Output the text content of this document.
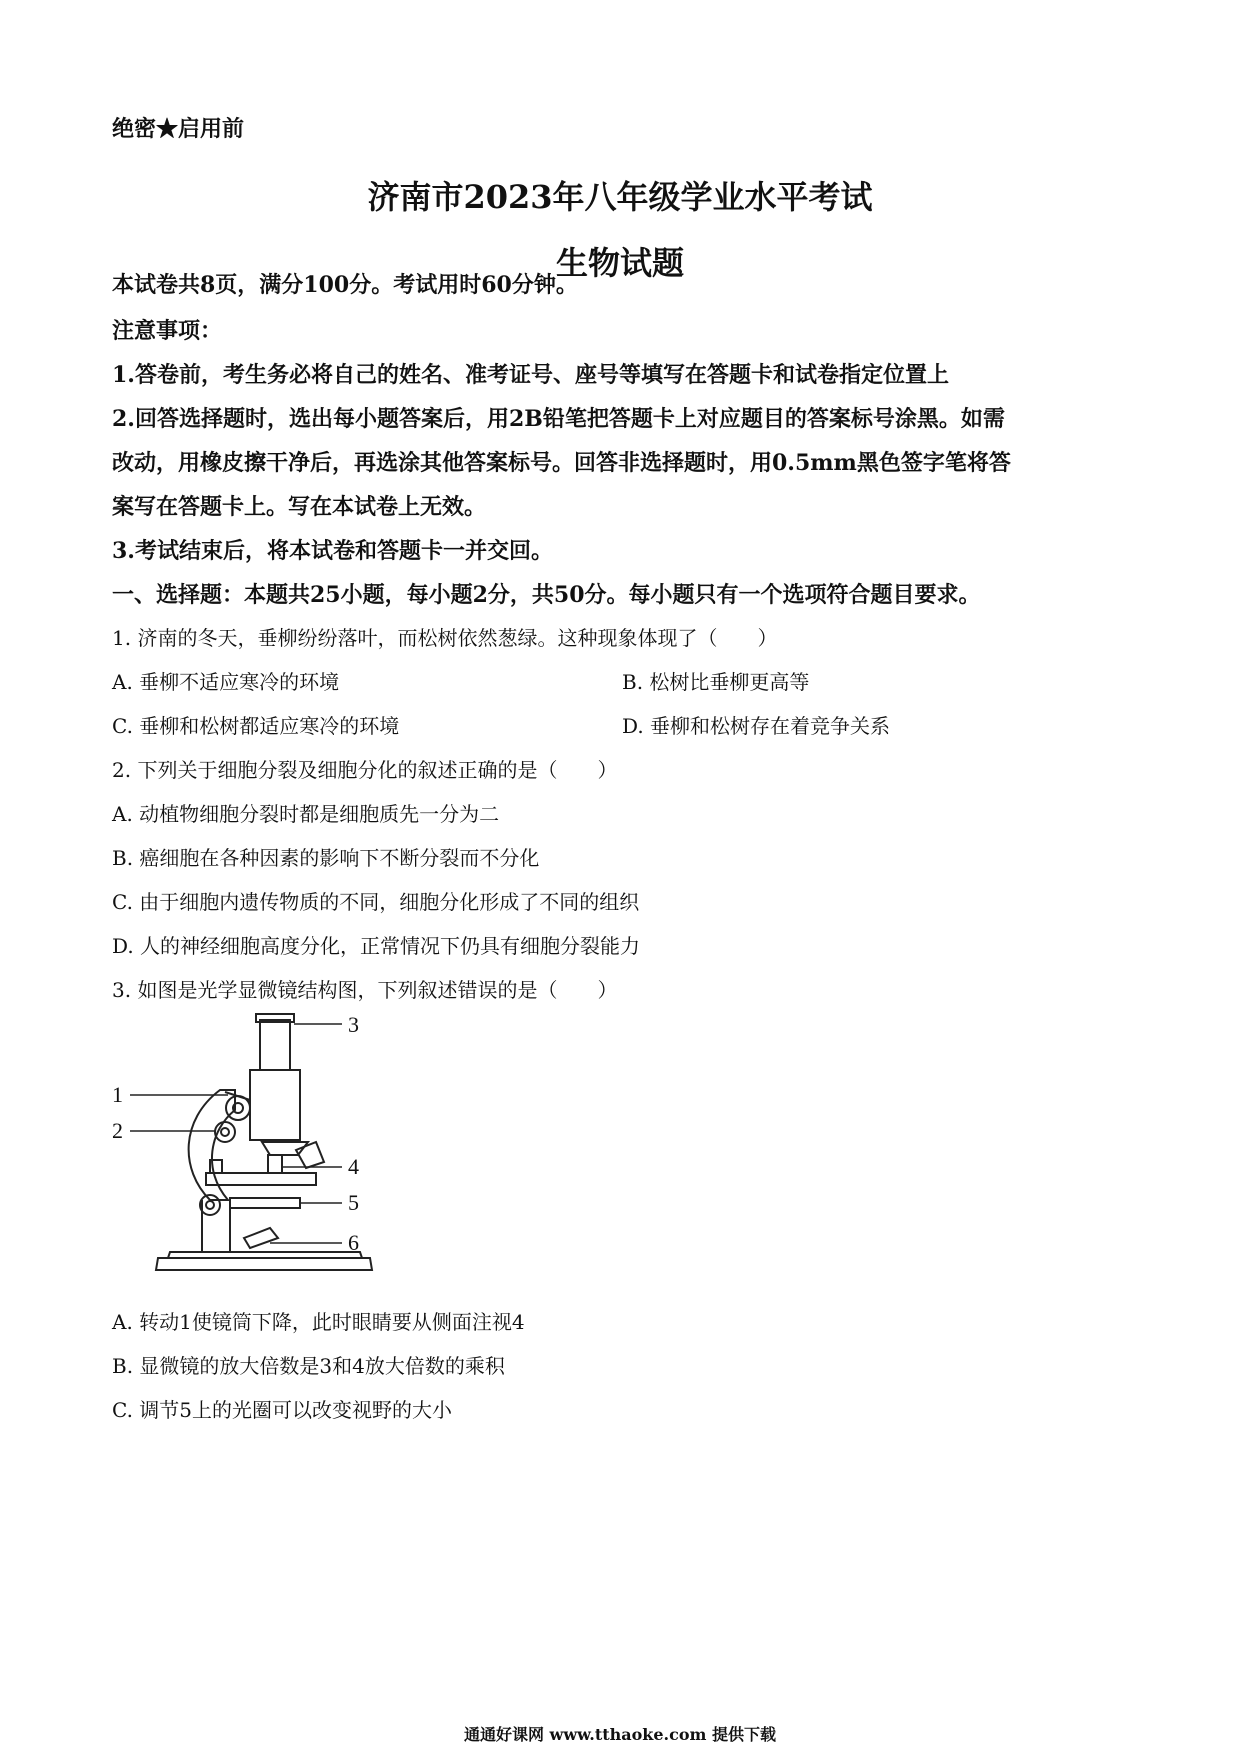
绝密★启用前
济南市2023年八年级学业水平考试
生物试题
本试卷共8页，满分100分。考试用时60分钟。
注意事项：
1.答卷前，考生务必将自己的姓名、准考证号、座号等填写在答题卡和试卷指定位置上
2.回答选择题时，选出每小题答案后，用2B铅笔把答题卡上对应题目的答案标号涂黑。如需
改动，用橡皮擦干净后，再选涂其他答案标号。回答非选择题时，用0.5mm黑色签字笔将答
案写在答题卡上。写在本试卷上无效。
3.考试结束后，将本试卷和答题卡一并交回。
一、选择题：本题共25小题，每小题2分，共50分。每小题只有一个选项符合题目要求。
1. 济南的冬天，垂柳纷纷落叶，而松树依然葱绿。这种现象体现了（　　）
A. 垂柳不适应寒冷的环境	B. 松树比垂柳更高等
C. 垂柳和松树都适应寒冷的环境	D. 垂柳和松树存在着竞争关系
2. 下列关于细胞分裂及细胞分化的叙述正确的是（　　）
A. 动植物细胞分裂时都是细胞质先一分为二
B. 癌细胞在各种因素的影响下不断分裂而不分化
C. 由于细胞内遗传物质的不同，细胞分化形成了不同的组织
D. 人的神经细胞高度分化，正常情况下仍具有细胞分裂能力
3. 如图是光学显微镜结构图，下列叙述错误的是（　　）
1
2
3
4
5
6
A. 转动1使镜筒下降，此时眼睛要从侧面注视4
B. 显微镜的放大倍数是3和4放大倍数的乘积
C. 调节5上的光圈可以改变视野的大小
通通好课网 www.tthaoke.com 提供下载
